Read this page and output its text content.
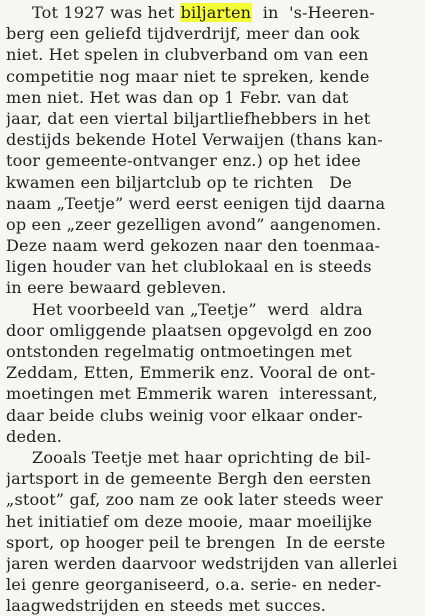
Tot 1927 was het biljarten  in  's-Heeren-
berg een geliefd tijdverdrijf, meer dan ook
niet. Het spelen in clubverband om van een
competitie nog maar niet te spreken, kende
men niet. Het was dan op 1 Febr. van dat
jaar, dat een viertal biljartliefhebbers in het
destijds bekende Hotel Verwaijen (thans kan-
toor gemeente-ontvanger enz.) op het idee
kwamen een biljartclub op te richten   De
naam „Teetje” werd eerst eenigen tijd daarna
op een „zeer gezelligen avond” aangenomen.
Deze naam werd gekozen naar den toenmaa-
ligen houder van het clublokaal en is steeds
in eere bewaard gebleven.
Het voorbeeld van „Teetje”  werd  aldra
door omliggende plaatsen opgevolgd en zoo
ontstonden regelmatig ontmoetingen met
Zeddam, Etten, Emmerik enz. Vooral de ont-
moetingen met Emmerik waren  interessant,
daar beide clubs weinig voor elkaar onder-
deden.
Zooals Teetje met haar oprichting de bil-
jartsport in de gemeente Bergh den eersten
„stoot” gaf, zoo nam ze ook later steeds weer
het initiatief om deze mooie, maar moeilijke
sport, op hooger peil te brengen  In de eerste
jaren werden daarvoor wedstrijden van allerlei
lei genre georganiseerd, o.a. serie- en neder-
laagwedstrijden en steeds met succes.
